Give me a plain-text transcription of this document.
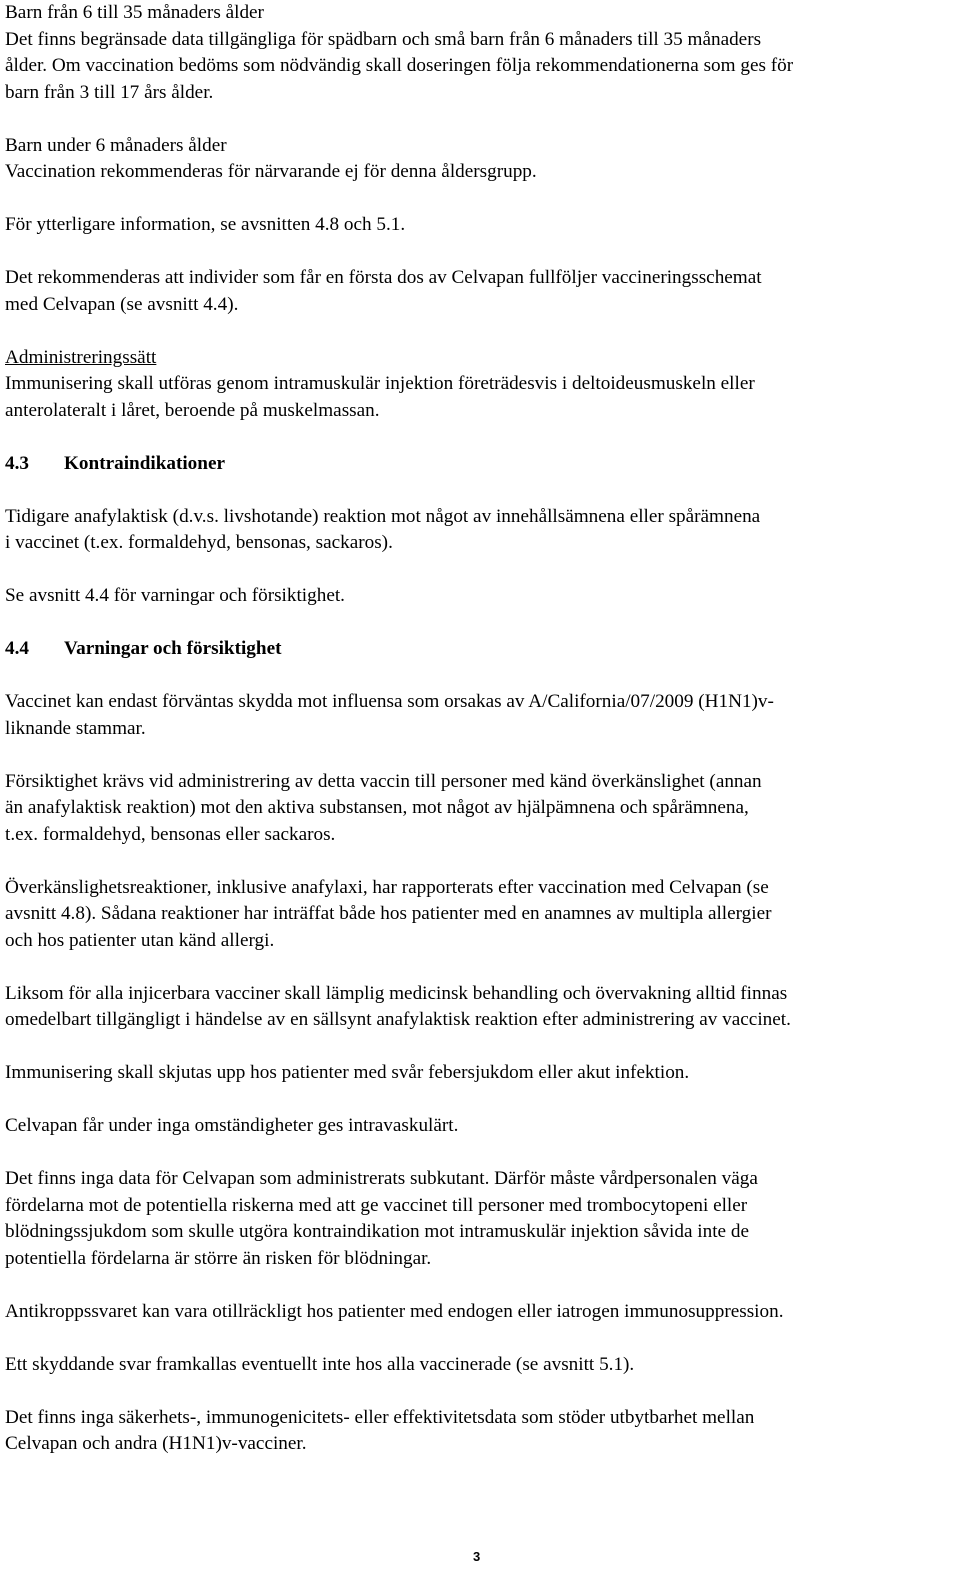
Barn från 6 till 35 månaders ålder

Det finns begränsade data tillgängliga för spädbarn och små barn från 6 månaders till 35 månaders

ålder. Om vaccination bedöms som nödvändig skall doseringen följa rekommendationerna som ges för

barn från 3 till 17 års ålder.

Barn under 6 månaders ålder

Vaccination rekommenderas för närvarande ej för denna åldersgrupp.

För ytterligare information, se avsnitten 4.8 och 5.1.

Det rekommenderas att individer som får en första dos av Celvapan fullföljer vaccineringsschemat

med Celvapan (se avsnitt 4.4).

Administreringssätt

Immunisering skall utföras genom intramuskulär injektion företrädesvis i deltoideusmuskeln eller

anterolateralt i låret, beroende på muskelmassan.

4.3 Kontraindikationer

Tidigare anafylaktisk (d.v.s. livshotande) reaktion mot något av innehållsämnena eller spårämnena

i vaccinet (t.ex. formaldehyd, bensonas, sackaros).

Se avsnitt 4.4 för varningar och försiktighet.

4.4 Varningar och försiktighet

Vaccinet kan endast förväntas skydda mot influensa som orsakas av A/California/07/2009 (H1N1)v-

liknande stammar.

Försiktighet krävs vid administrering av detta vaccin till personer med känd överkänslighet (annan

än anafylaktisk reaktion) mot den aktiva substansen, mot något av hjälpämnena och spårämnena,

t.ex. formaldehyd, bensonas eller sackaros.

Överkänslighetsreaktioner, inklusive anafylaxi, har rapporterats efter vaccination med Celvapan (se

avsnitt 4.8). Sådana reaktioner har inträffat både hos patienter med en anamnes av multipla allergier

och hos patienter utan känd allergi.

Liksom för alla injicerbara vacciner skall lämplig medicinsk behandling och övervakning alltid finnas

omedelbart tillgängligt i händelse av en sällsynt anafylaktisk reaktion efter administrering av vaccinet.

Immunisering skall skjutas upp hos patienter med svår febersjukdom eller akut infektion.

Celvapan får under inga omständigheter ges intravaskulärt.

Det finns inga data för Celvapan som administrerats subkutant. Därför måste vårdpersonalen väga

fördelarna mot de potentiella riskerna med att ge vaccinet till personer med trombocytopeni eller

blödningssjukdom som skulle utgöra kontraindikation mot intramuskulär injektion såvida inte de

potentiella fördelarna är större än risken för blödningar.

Antikroppssvaret kan vara otillräckligt hos patienter med endogen eller iatrogen immunosuppression.

Ett skyddande svar framkallas eventuellt inte hos alla vaccinerade (se avsnitt 5.1).

Det finns inga säkerhets-, immunogenicitets- eller effektivitetsdata som stöder utbytbarhet mellan

Celvapan och andra (H1N1)v-vacciner.

3
